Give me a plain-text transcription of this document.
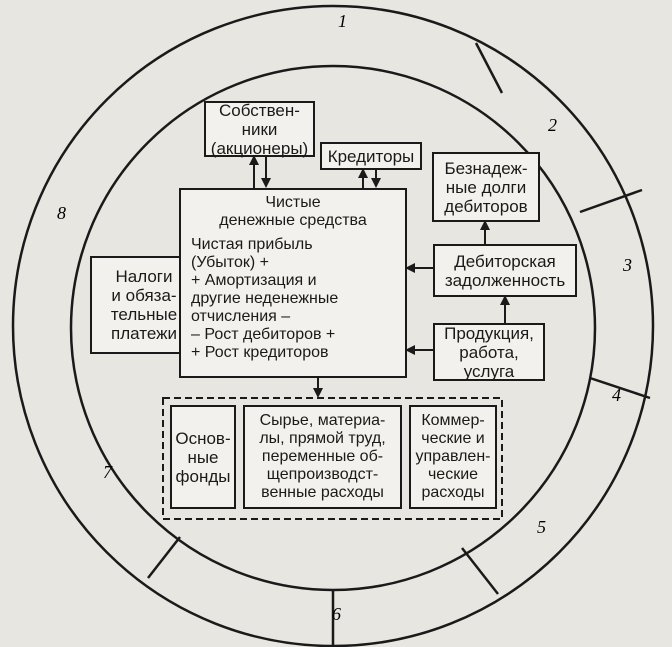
1
2
3
4
5
6
7
8
Собствен-
ники
(акционеры)	Кредиторы
Безнадеж-
ные долги
дебиторов
Дебиторская
задолженность
Продукция,
работа,
услуга
Налоги
и обяза-
тельные
платежи
Чистые
денежные средства
Чистая прибыль
(Убыток) +
+ Амортизация и
другие неденежные
отчисления –
– Рост дебиторов +
+ Рост кредиторов
Основ-
ные
фонды
Сырье, материа-
лы, прямой труд,
переменные об-
щепроизводст-
венные расходы
Коммер-
ческие и
управлен-
ческие
расходы
